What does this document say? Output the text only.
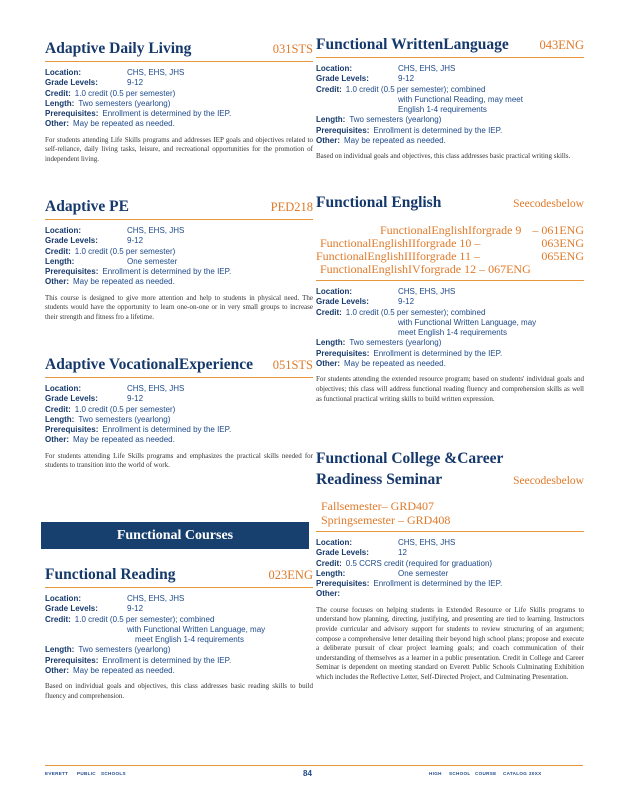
Adaptive Daily Living	031STS
Location:	CHS, EHS, JHS
Grade Levels:	9-12
Credit: 1.0 credit (0.5 per semester)
Length: Two semesters (yearlong)
Prerequisites: Enrollment is determined by the IEP.
Other: May be repeated as needed.

For students attending Life Skills programs and addresses IEP goals and objectives related to self-reliance, daily living tasks, leisure, and recreational opportunities for the promotion of independent living.

Adaptive PE	PED218
Location:	CHS, EHS, JHS
Grade Levels:	9-12
Credit: 1.0 credit (0.5 per semester)
Length:	One semester
Prerequisites: Enrollment is determined by the IEP.
Other: May be repeated as needed.

This course is designed to give more attention and help to students in physical need. The students would have the opportunity to learn one-on-one or in very small groups to increase their strength and fitness fro a lifetime.

Adaptive VocationalExperience 051STS
Location:	CHS, EHS, JHS
Grade Levels:	9-12
Credit: 1.0 credit (0.5 per semester)
Length: Two semesters (yearlong)
Prerequisites: Enrollment is determined by the IEP.
Other: May be repeated as needed.

For students attending Life Skills programs and emphasizes the practical skills needed for students to transition into the world of work.

Functional Courses
Functional Reading	023ENG
Location:	CHS, EHS, JHS
Grade Levels:	9-12
Credit: 1.0 credit (0.5 per semester); combined
with Functional Written Language, may
meet English 1-4 requirements
Length: Two semesters (yearlong)
Prerequisites: Enrollment is determined by the IEP.
Other: May be repeated as needed.

Based on individual goals and objectives, this class addresses basic reading skills to build fluency and comprehension.

Functional WrittenLanguage 043ENG
Location:	CHS, EHS, JHS
Grade Levels:	9-12
Credit: 1.0 credit (0.5 per semester); combined
with Functional Reading, may meet
English 1-4 requirements
Length: Two semesters (yearlong)
Prerequisites: Enrollment is determined by the IEP.
Other: May be repeated as needed.

Based on individual goals and objectives, this class addresses basic practical writing skills.

Functional English	Seecodesbelow
FunctionalEnglishIforgrade 9 – 061ENG
FunctionalEnglishIIforgrade 10 –	063ENG
FunctionalEnglishIIIforgrade 11 –	065ENG
FunctionalEnglishIVforgrade 12 – 067ENG
Location:	CHS, EHS, JHS
Grade Levels:	9-12
Credit: 1.0 credit (0.5 per semester); combined
with Functional Written Language, may
meet English 1-4 requirements
Length: Two semesters (yearlong)
Prerequisites: Enrollment is determined by the IEP.
Other: May be repeated as needed.

For students attending the extended resource program; based on students' individual goals and objectives; this class will address functional reading fluency and comprehension skills as well as functional practical writing skills to build written expression.

Functional College &Career
Readiness Seminar	Seecodesbelow
Fallsemester– GRD407
Springsemester – GRD408
Location:	CHS, EHS, JHS
Grade Levels:	12
Credit: 0.5 CCRS credit (required for graduation)
Length:	One semester
Prerequisites: Enrollment is determined by the IEP.
Other:

The course focuses on helping students in Extended Resource or Life Skills programs to understand how planning, directing, justifying, and presenting are tied to learning. Instructors provide curricular and advisory support for students to review structuring of an argument; compose a comprehensive letter detailing their beyond high school plans; propose and execute a deliberate pursuit of clear project learning goals; and coach communication of their understanding of themselves as a learner in a public presentation. Credit in College and Career Seminar is dependent on meeting standard on Everett Public Schools Culminating Exhibition which includes the Reflective Letter, Self-Directed Project, and Culminating Presentation.

EVERETT PUBLIC SCHOOLS	84	HIGH SCHOOL COURSE CATALOG 20XX
